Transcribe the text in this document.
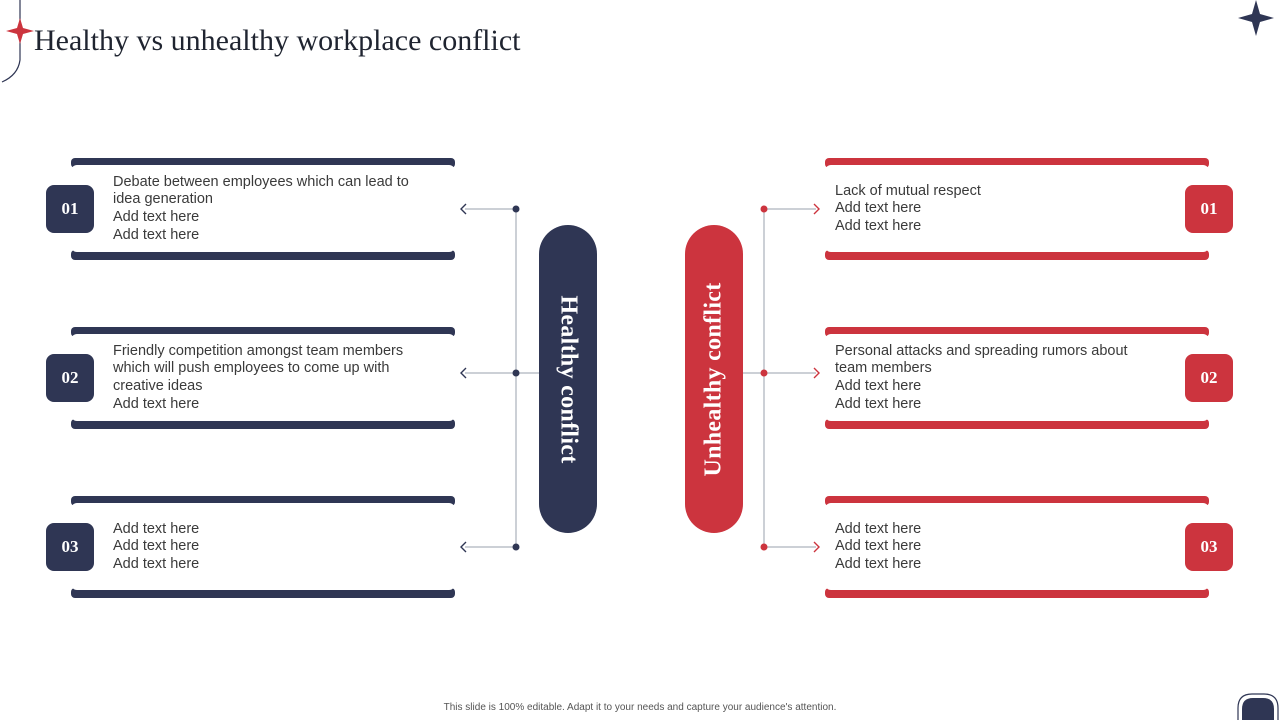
Healthy vs unhealthy workplace conflict
Debate between employees which can lead to
idea generation
Add text here
Add text here
01
Friendly competition amongst team members
which will push employees to come up with
creative ideas
Add text here
02
Add text here
Add text here
Add text here
03
Healthy conflict	Unhealthy conflict
Lack of mutual respect
Add text here
Add text here
01
Personal attacks and spreading rumors about
team members
Add text here
Add text here
02
Add text here
Add text here
Add text here
03
This slide is 100% editable. Adapt it to your needs and capture your audience's attention.
